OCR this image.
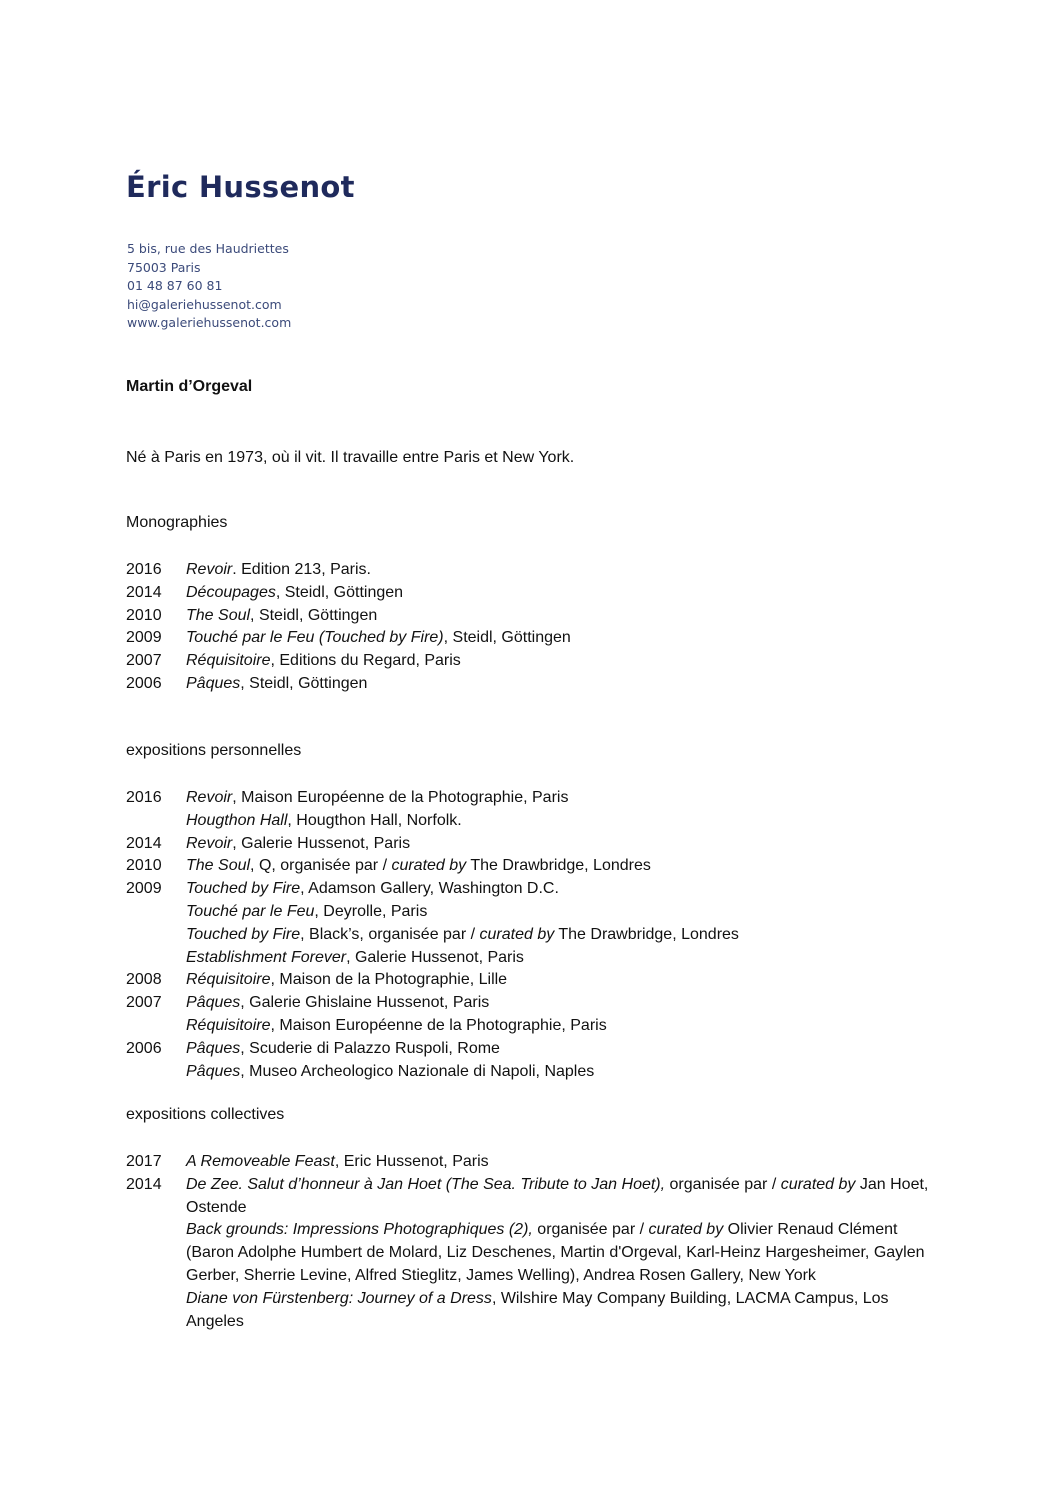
Éric Hussenot
5 bis, rue des Haudriettes
75003 Paris
01 48 87 60 81
hi@galeriehussenot.com
www.galeriehussenot.com
Martin d’Orgeval
Né à Paris en 1973, où il vit. Il travaille entre Paris et New York.
Monographies
2016	Revoir. Edition 213, Paris.
2014	Découpages, Steidl, Göttingen
2010	The Soul, Steidl, Göttingen
2009	Touché par le Feu (Touched by Fire), Steidl, Göttingen
2007	Réquisitoire, Editions du Regard, Paris
2006	Pâques, Steidl, Göttingen
expositions personnelles
2016	Revoir, Maison Européenne de la Photographie, Paris
Hougthon Hall, Hougthon Hall, Norfolk.
2014	Revoir, Galerie Hussenot, Paris
2010	The Soul, Q, organisée par / curated by The Drawbridge, Londres
2009	Touched by Fire, Adamson Gallery, Washington D.C.
Touché par le Feu, Deyrolle, Paris
Touched by Fire, Black’s, organisée par / curated by The Drawbridge, Londres
Establishment Forever, Galerie Hussenot, Paris
2008	Réquisitoire, Maison de la Photographie, Lille
2007	Pâques, Galerie Ghislaine Hussenot, Paris
Réquisitoire, Maison Européenne de la Photographie, Paris
2006	Pâques, Scuderie di Palazzo Ruspoli, Rome
Pâques, Museo Archeologico Nazionale di Napoli, Naples
expositions collectives
2017	A Removeable Feast, Eric Hussenot, Paris
2014	De Zee. Salut d’honneur à Jan Hoet (The Sea. Tribute to Jan Hoet), organisée par / curated by Jan Hoet, Ostende
Back grounds: Impressions Photographiques (2), organisée par / curated by Olivier Renaud Clément (Baron Adolphe Humbert de Molard, Liz Deschenes, Martin d'Orgeval, Karl-Heinz Hargesheimer, Gaylen Gerber, Sherrie Levine, Alfred Stieglitz, James Welling), Andrea Rosen Gallery, New York
Diane von Fürstenberg: Journey of a Dress, Wilshire May Company Building, LACMA Campus, Los Angeles
